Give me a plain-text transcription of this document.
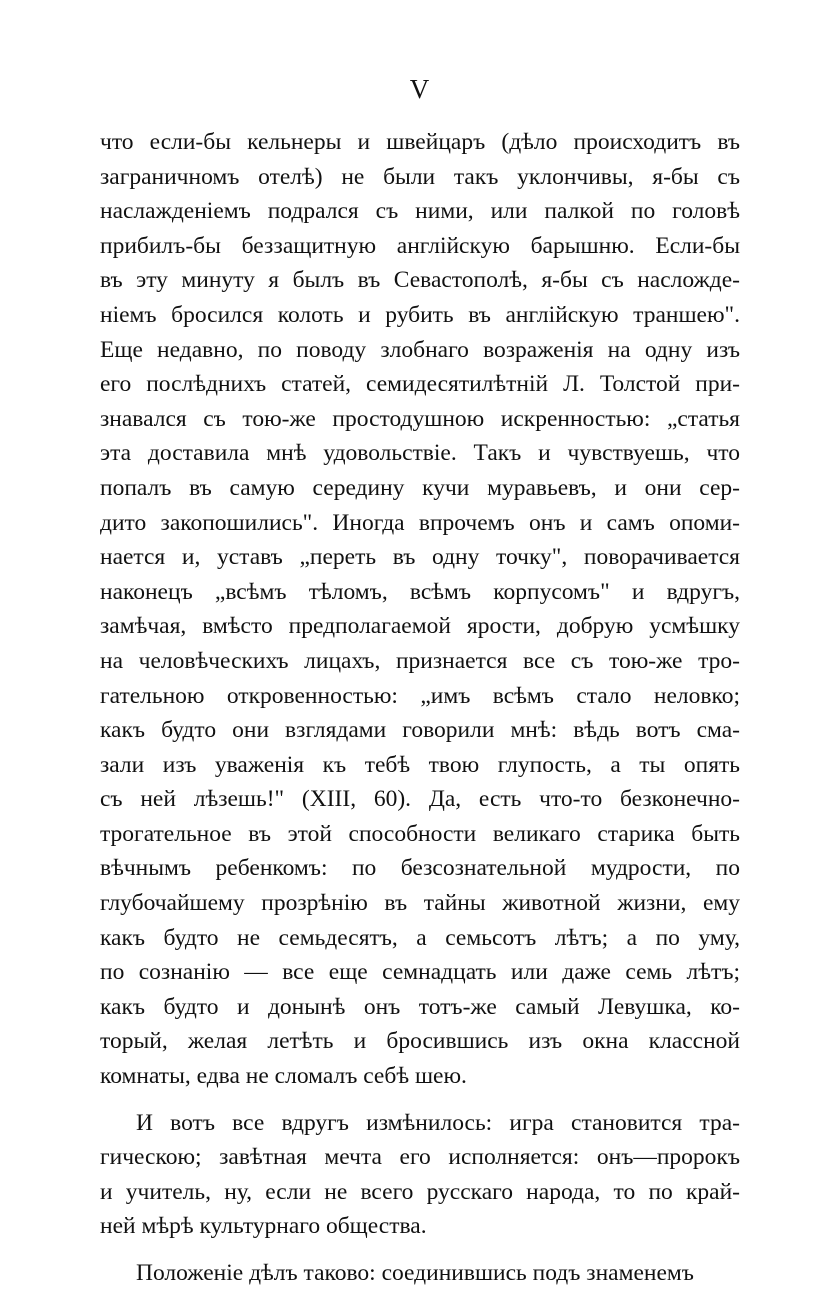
V
что если-бы кельнеры и швейцаръ (дѣло происходитъ въ
заграничномъ отелѣ) не были такъ уклончивы, я-бы съ
наслажденіемъ подрался съ ними, или палкой по головѣ
прибилъ-бы беззащитную англійскую барышню. Если-бы
въ эту минуту я былъ въ Севастополѣ, я-бы съ насложде-
ніемъ бросился колоть и рубить въ англійскую траншею".
Еще недавно, по поводу злобнаго возраженія на одну изъ
его послѣднихъ статей, семидесятилѣтній Л. Толстой при-
знавался съ тою-же простодушною искренностью: „статья
эта доставила мнѣ удовольствіе. Такъ и чувствуешь, что
попалъ въ самую середину кучи муравьевъ, и они сер-
дито закопошились". Иногда впрочемъ онъ и самъ опоми-
нается и, уставъ „переть въ одну точку", поворачивается
наконецъ „всѣмъ тѣломъ, всѣмъ корпусомъ" и вдругъ,
замѣчая, вмѣсто предполагаемой ярости, добрую усмѣшку
на человѣческихъ лицахъ, признается все съ тою-же тро-
гательною откровенностью: „имъ всѣмъ стало неловко;
какъ будто они взглядами говорили мнѣ: вѣдь вотъ сма-
зали изъ уваженія къ тебѣ твою глупость, а ты опять
съ ней лѣзешь!" (XIII, 60). Да, есть что-то безконечно-
трогательное въ этой способности великаго старика быть
вѣчнымъ ребенкомъ: по безсознательной мудрости, по
глубочайшему прозрѣнію въ тайны животной жизни, ему
какъ будто не семьдесятъ, а семьсотъ лѣтъ; а по уму,
по сознанію — все еще семнадцать или даже семь лѣтъ;
какъ будто и донынѣ онъ тотъ-же самый Левушка, ко-
торый, желая летѣть и бросившись изъ окна классной
комнаты, едва не сломалъ себѣ шею.
И вотъ все вдругъ измѣнилось: игра становится тра-
гическою; завѣтная мечта его исполняется: онъ—пророкъ
и учитель, ну, если не всего русскаго народа, то по край-
ней мѣрѣ культурнаго общества.
Положеніе дѣлъ таково: соединившись подъ знаменемъ
